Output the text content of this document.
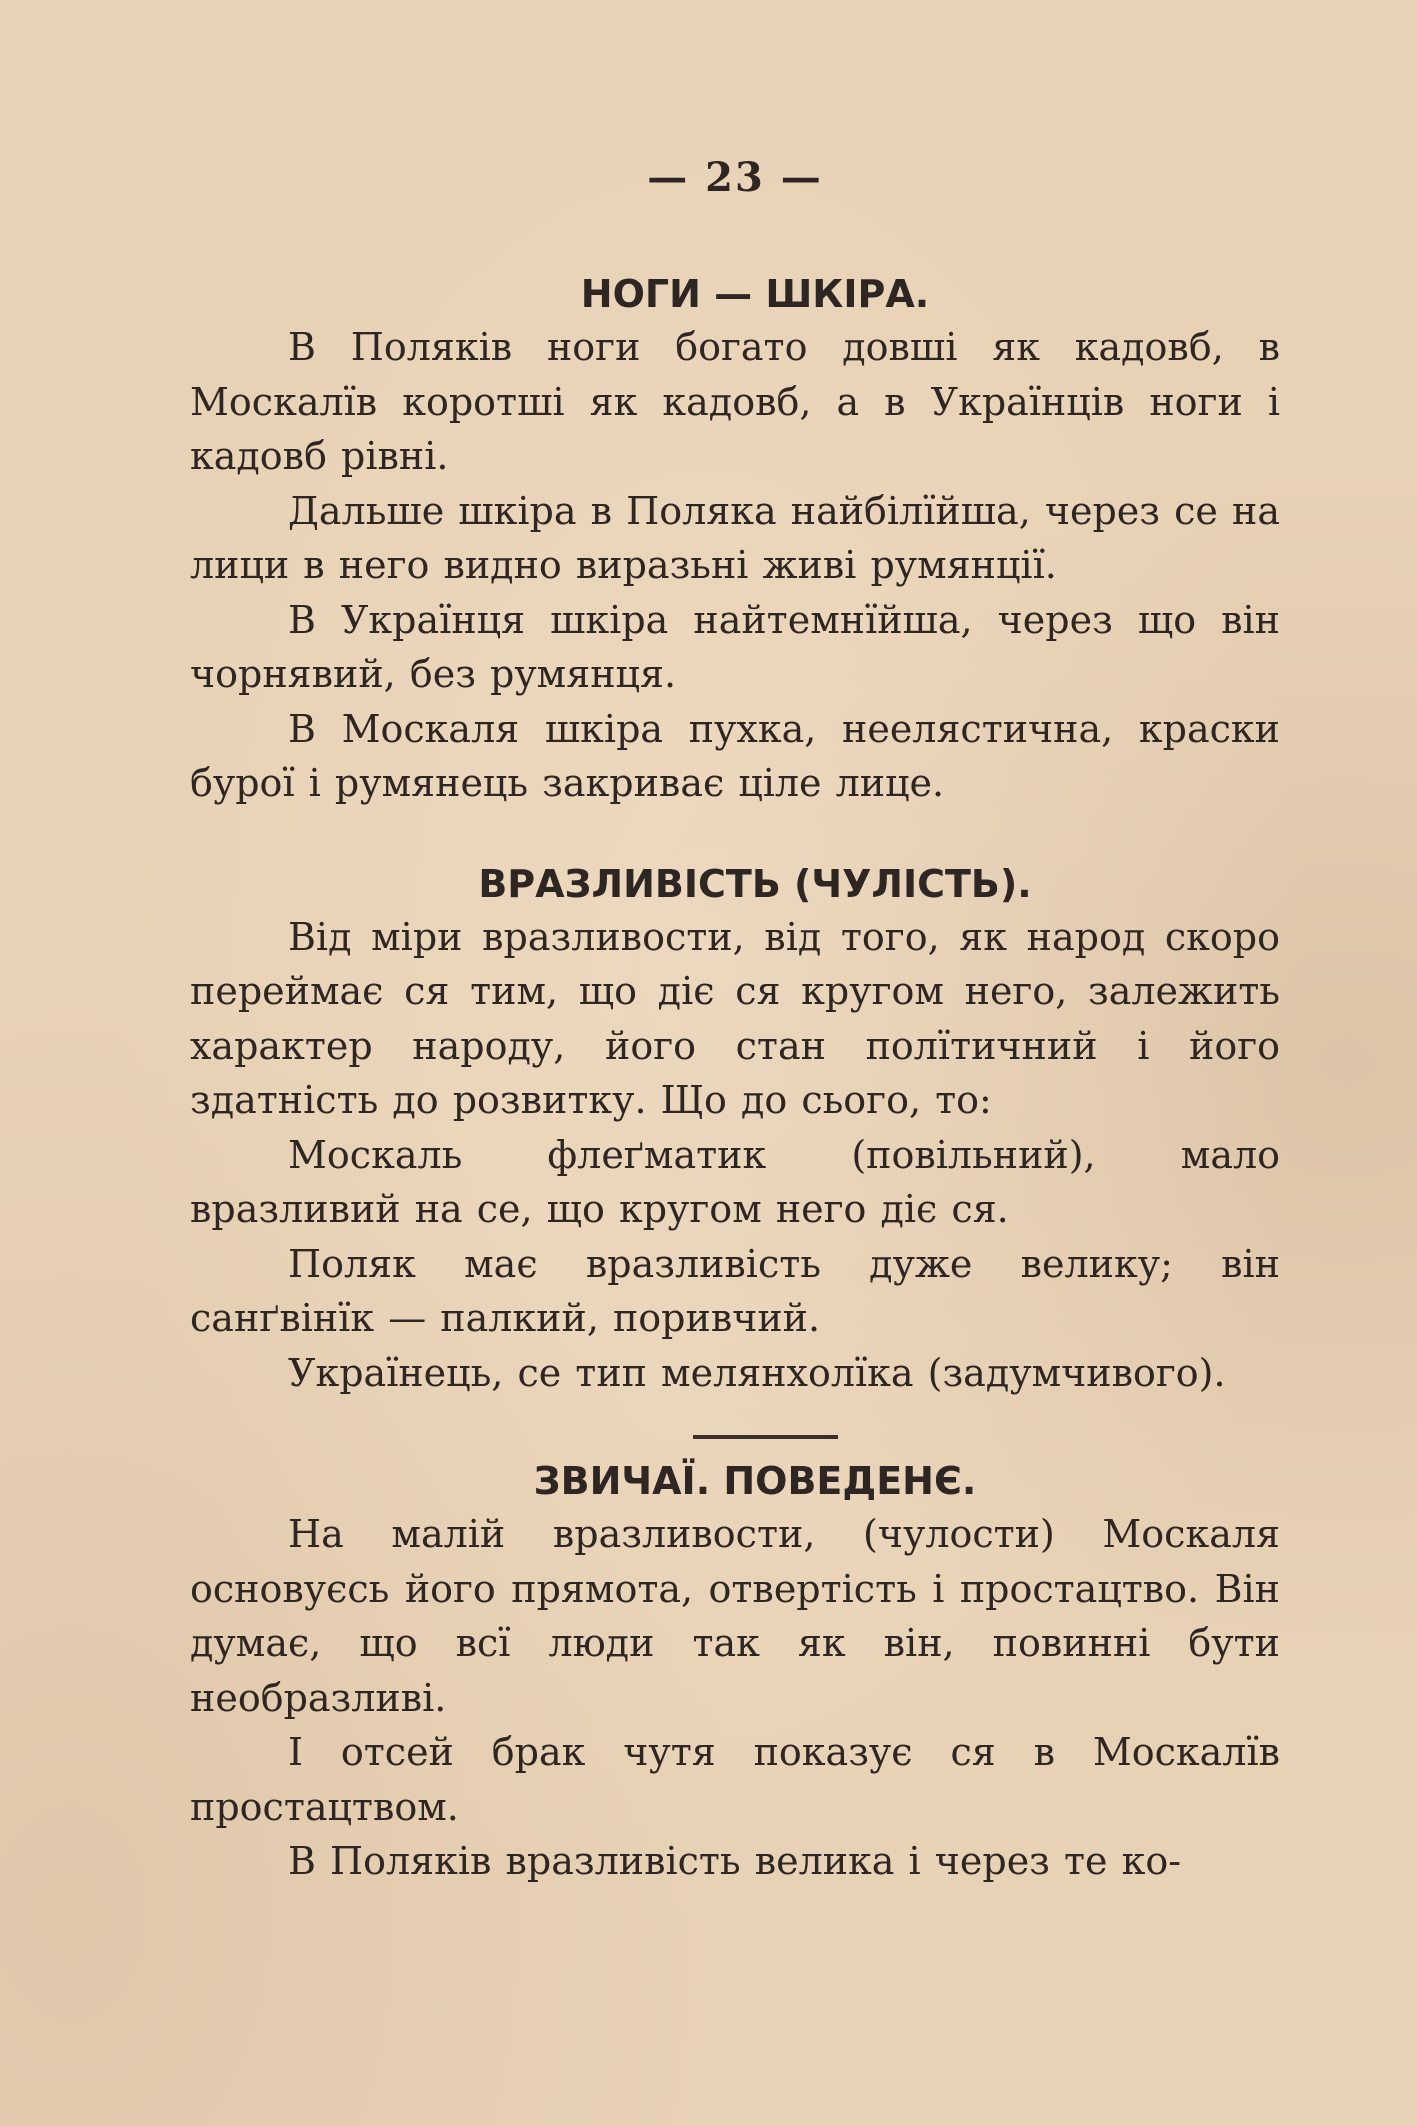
— 23 —
НОГИ — ШКІРА.

В Поляків ноги богато довші як кадовб, в Москалїв коротші як кадовб, а в Українців ноги і кадовб рівні.

Дальше шкіра в Поляка найбілїйша, через се на лици в него видно виразьні живі румянції.

В Українця шкіра найтемнїйша, через що він чорнявий, без румянця.

В Москаля шкіра пухка, неелястична, краски бурої і румянець закриває ціле лице.

ВРАЗЛИВІСТЬ (ЧУЛІСТЬ).

Від міри вразливости, від того, як народ скоро переймає ся тим, що діє ся кругом него, залежить характер народу, його стан полїтичний і його здатність до розвитку. Що до сього, то:

Москаль флеґматик (повільний), мало вразливий на се, що кругом него діє ся.

Поляк має вразливість дуже велику; він санґвінїк — палкий, поривчий.

Українець, се тип мелянхолїка (задумчивого).

ЗВИЧАЇ. ПОВЕДЕНЄ.

На малій вразливости, (чулости) Москаля основуєсь його прямота, отвертість і простацтво. Він думає, що всї люди так як він, повинні бути необразливі.

І отсей брак чутя показує ся в Москалїв простацтвом.

В Поляків вразливість велика і через те ко-
